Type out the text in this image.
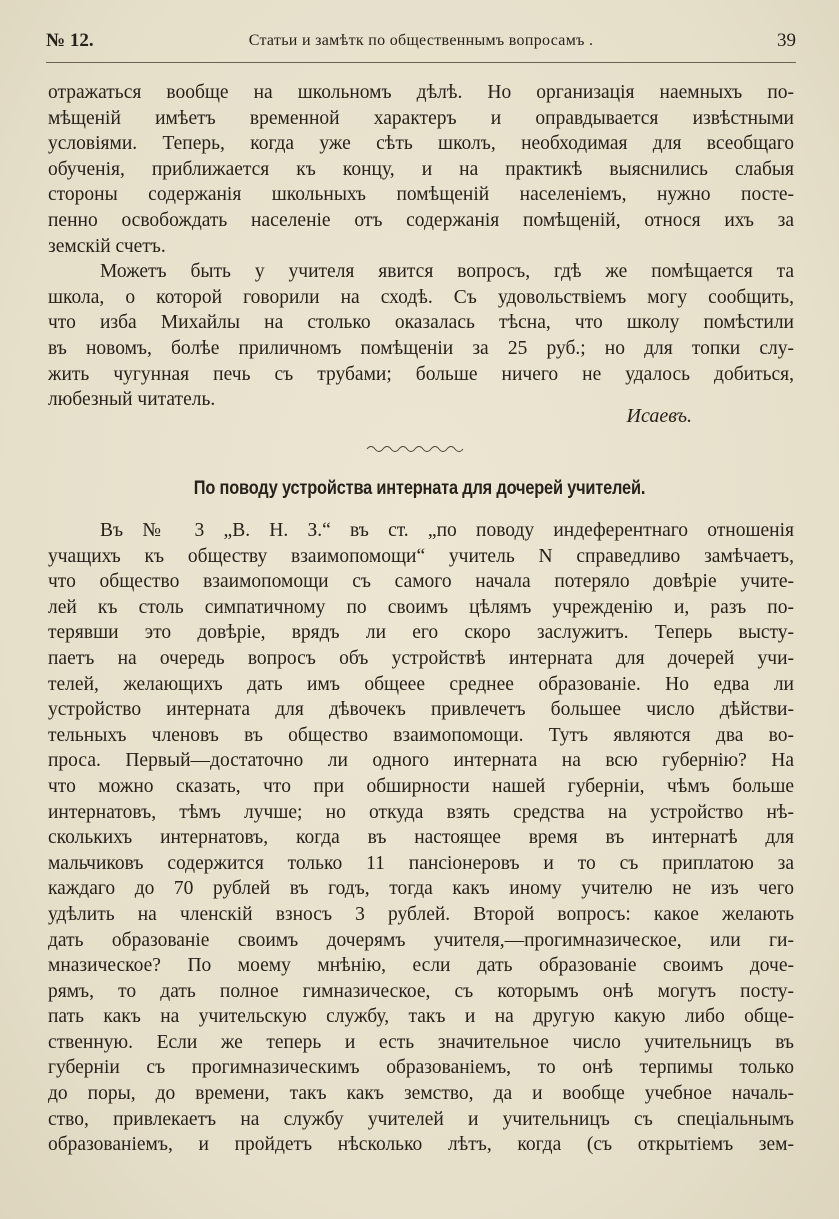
№ 12.	Статьи и замѣтк по общественнымъ вопросамъ .	39
отражаться вообще на школьномъ дѣлѣ. Но организація наемныхъ по-
мѣщеній имѣетъ временной характеръ и оправдывается извѣстными
условіями. Теперь, когда уже сѣть школъ, необходимая для всеобщаго
обученія, приближается къ концу, и на практикѣ выяснились слабыя
стороны содержанія школьныхъ помѣщеній населеніемъ, нужно посте-
пенно освобождать населеніе отъ содержанія помѣщеній, относя ихъ за
земскій счетъ.
Можетъ быть у учителя явится вопросъ, гдѣ же помѣщается та
школа, о которой говорили на сходѣ. Съ удовольствіемъ могу сообщить,
что изба Михайлы на столько оказалась тѣсна, что школу помѣстили
въ новомъ, болѣе приличномъ помѣщеніи за 25 руб.; но для топки слу-
жить чугунная печь съ трубами; больше ничего не удалось добиться,
любезный читатель.
Исаевъ.
По поводу устройства интерната для дочерей учителей.
Въ № 3 „В. Н. З.“ въ ст. „по поводу индеферентнаго отношенія
учащихъ къ обществу взаимопомощи“ учитель N справедливо замѣчаетъ,
что общество взаимопомощи съ самого начала потеряло довѣріе учите-
лей къ столь симпатичному по своимъ цѣлямъ учрежденію и, разъ по-
терявши это довѣріе, врядъ ли его скоро заслужитъ. Теперь высту-
паетъ на очередь вопросъ объ устройствѣ интерната для дочерей учи-
телей, желающихъ дать имъ общеее среднее образованіе. Но едва ли
устройство интерната для дѣвочекъ привлечетъ большее число дѣйстви-
тельныхъ членовъ въ общество взаимопомощи. Тутъ являются два во-
проса. Первый—достаточно ли одного интерната на всю губернію? На
что можно сказать, что при обширности нашей губерніи, чѣмъ больше
интернатовъ, тѣмъ лучше; но откуда взять средства на устройство нѣ-
сколькихъ интернатовъ, когда въ настоящее время въ интернатѣ для
мальчиковъ содержится только 11 пансіонеровъ и то съ приплатою за
каждаго до 70 рублей въ годъ, тогда какъ иному учителю не изъ чего
удѣлить на членскій взносъ 3 рублей. Второй вопросъ: какое желають
дать образованіе своимъ дочерямъ учителя,—прогимназическое, или ги-
мназическое? По моему мнѣнію, если дать образованіе своимъ доче-
рямъ, то дать полное гимназическое, съ которымъ онѣ могутъ посту-
пать какъ на учительскую службу, такъ и на другую какую либо обще-
ственную. Если же теперь и есть значительное число учительницъ въ
губерніи съ прогимназическимъ образованіемъ, то онѣ терпимы только
до поры, до времени, такъ какъ земство, да и вообще учебное началь-
ство, привлекаетъ на службу учителей и учительницъ съ спеціальнымъ
образованіемъ, и пройдетъ нѣсколько лѣтъ, когда (съ открытіемъ зем-
